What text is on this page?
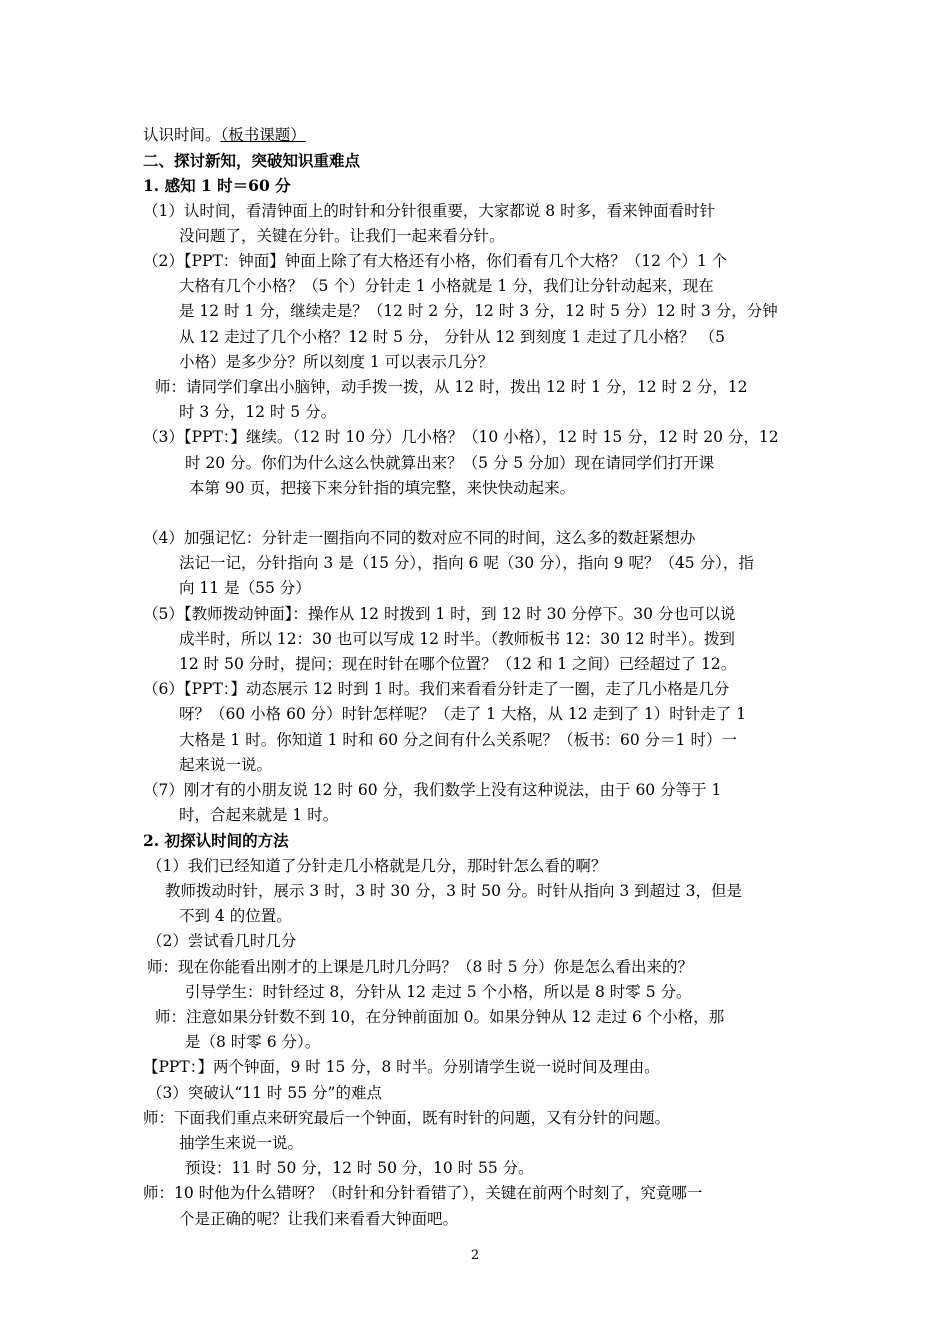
认识时间。（板书课题）
二、探讨新知，突破知识重难点
1. 感知 1 时＝60 分
（1）认时间，看清钟面上的时针和分针很重要，大家都说 8 时多，看来钟面看时针
没问题了，关键在分针。让我们一起来看分针。
（2）【PPT：钟面】钟面上除了有大格还有小格，你们看有几个大格？（12 个）1 个
大格有几个小格？（5 个）分针走 1 小格就是 1 分，我们让分针动起来，现在
是 12 时 1 分，继续走是？（12 时 2 分，12 时 3 分，12 时 5 分）12 时 3 分，分钟
从 12 走过了几个小格？12 时 5 分， 分针从 12 到刻度 1 走过了几小格？ （5
小格）是多少分？所以刻度 1 可以表示几分？
师：请同学们拿出小脑钟，动手拨一拨，从 12 时，拨出 12 时 1 分，12 时 2 分，12
时 3 分，12 时 5 分。
（3）【PPT：】继续。（12 时 10 分）几小格？（10 小格），12 时 15 分，12 时 20 分，12
时 20 分。你们为什么这么快就算出来？（5 分 5 分加）现在请同学们打开课
本第 90 页，把接下来分针指的填完整，来快快动起来。
（4）加强记忆：分针走一圈指向不同的数对应不同的时间，这么多的数赶紧想办
法记一记，分针指向 3 是（15 分），指向 6 呢（30 分），指向 9 呢？（45 分），指
向 11 是（55 分）
（5）【教师拨动钟面】：操作从 12 时拨到 1 时，到 12 时 30 分停下。30 分也可以说
成半时，所以 12：30 也可以写成 12 时半。（教师板书 12：30 12 时半）。拨到
12 时 50 分时，提问；现在时针在哪个位置？（12 和 1 之间）已经超过了 12。
（6）【PPT：】动态展示 12 时到 1 时。我们来看看分针走了一圈，走了几小格是几分
呀？（60 小格 60 分）时针怎样呢？（走了 1 大格，从 12 走到了 1）时针走了 1
大格是 1 时。你知道 1 时和 60 分之间有什么关系呢？（板书：60 分＝1 时）一
起来说一说。
（7）刚才有的小朋友说 12 时 60 分，我们数学上没有这种说法，由于 60 分等于 1
时，合起来就是 1 时。
2. 初探认时间的方法
（1）我们已经知道了分针走几小格就是几分，那时针怎么看的啊？
教师拨动时针，展示 3 时，3 时 30 分，3 时 50 分。时针从指向 3 到超过 3，但是
不到 4 的位置。
（2）尝试看几时几分
师：现在你能看出刚才的上课是几时几分吗？（8 时 5 分）你是怎么看出来的？
引导学生：时针经过 8，分针从 12 走过 5 个小格，所以是 8 时零 5 分。
师：注意如果分针数不到 10，在分钟前面加 0。如果分钟从 12 走过 6 个小格，那
是（8 时零 6 分）。
【PPT：】两个钟面，9 时 15 分，8 时半。分别请学生说一说时间及理由。
（3）突破认“11 时 55 分”的难点
师：下面我们重点来研究最后一个钟面，既有时针的问题，又有分针的问题。
抽学生来说一说。
预设：11 时 50 分，12 时 50 分，10 时 55 分。
师：10 时他为什么错呀？（时针和分针看错了），关键在前两个时刻了，究竟哪一
个是正确的呢？让我们来看看大钟面吧。
2
